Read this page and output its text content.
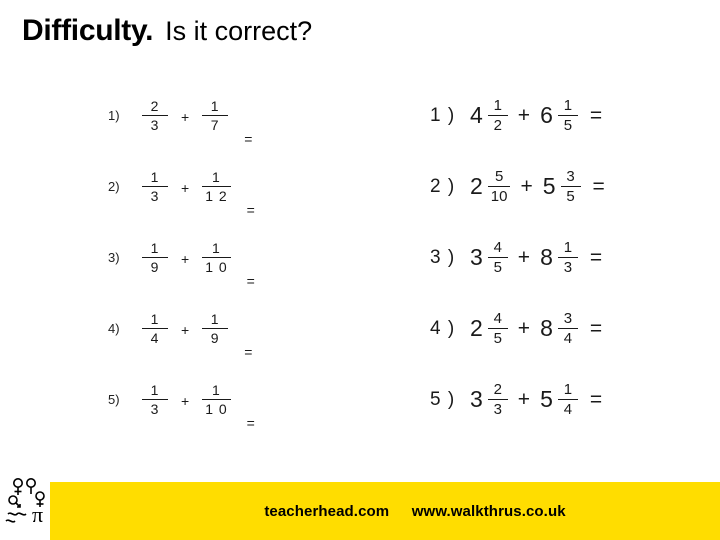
Difficulty. Is it correct?
1)	$\frac{2}{3} + \frac{1}{7}$
=
2)	$\frac{1}{3} + \frac{1}{1 2}$
=
3)	$\frac{1}{9} + \frac{1}{1 0}$
=
4)	$\frac{1}{4} + \frac{1}{9}$
=
5)	$\frac{1}{3} + \frac{1}{1 0}$
=
1 ) $4 \frac{1}{2} + 6 \frac{1}{5}$ =
2 ) $2 \frac{5}{10} + 5 \frac{3}{5}$ =
3 ) $3 \frac{4}{5} + 8 \frac{1}{3}$ =
4 ) $2 \frac{4}{5} + 8 \frac{3}{4}$ =
5 ) $3 \frac{2}{3} + 5 \frac{1}{4}$ =
teacherhead.com www.walkthrus.co.uk
π
